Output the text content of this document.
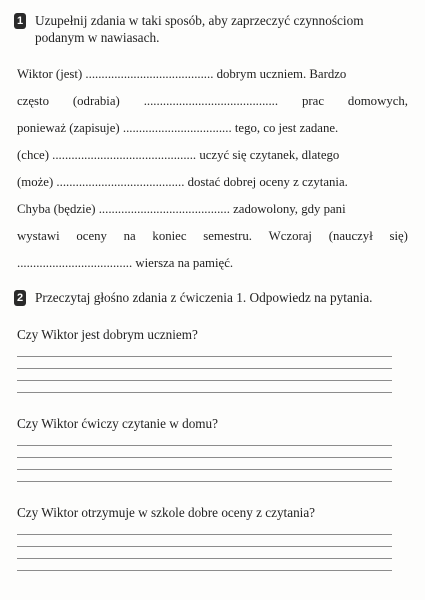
1 Uzupełnij zdania w taki sposób, aby zaprzeczyć czynnościom podanym w nawiasach.
Wiktor (jest) ........................................ dobrym uczniem. Bardzo
często (odrabia) .......................................... prac domowych,
ponieważ (zapisuje) .................................. tego, co jest zadane.
(chce) ............................................. uczyć się czytanek, dlatego
(może) ........................................ dostać dobrej oceny z czytania.
Chyba (będzie) ......................................... zadowolony, gdy pani
wystawi oceny na koniec semestru. Wczoraj (nauczył się)
.................................... wiersza na pamięć.
2 Przeczytaj głośno zdania z ćwiczenia 1. Odpowiedz na pytania.
Czy Wiktor jest dobrym uczniem?
Czy Wiktor ćwiczy czytanie w domu?
Czy Wiktor otrzymuje w szkole dobre oceny z czytania?
